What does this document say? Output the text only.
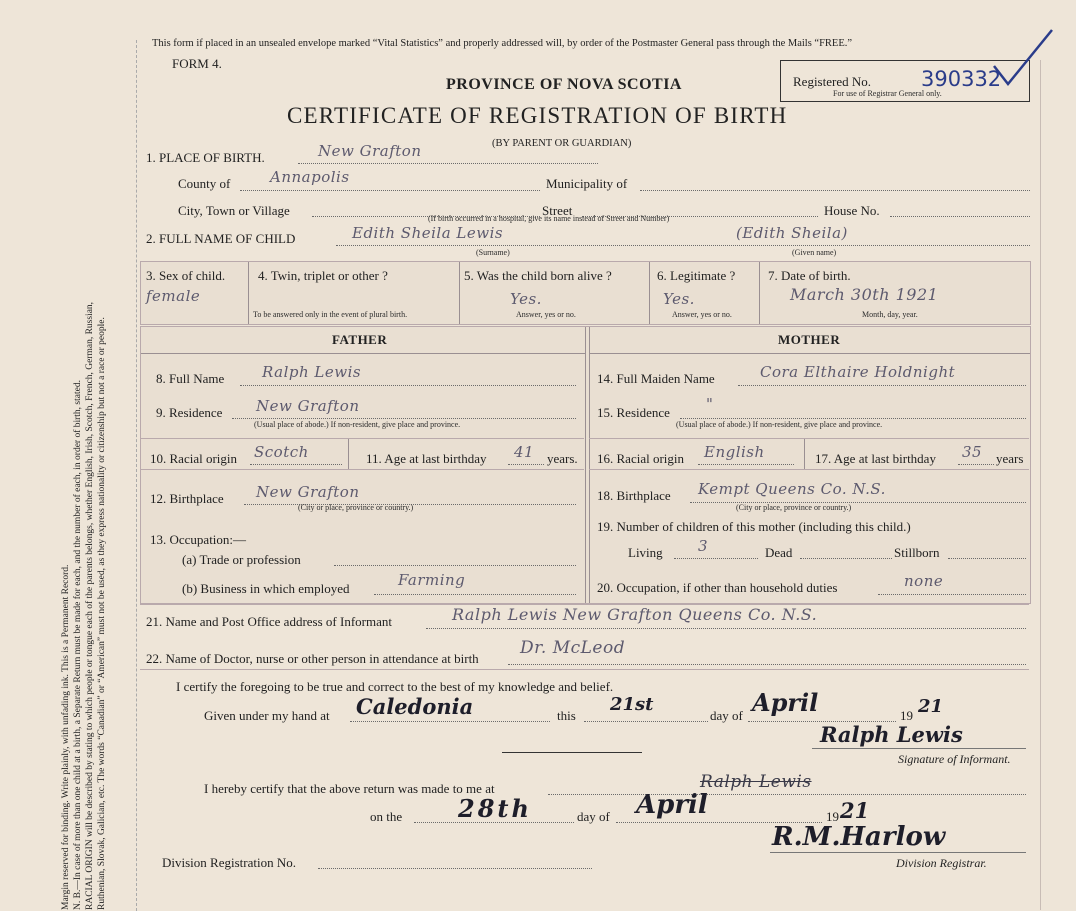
Margin reserved for binding. Write plainly, with unfading ink. This is a Permanent Record. N. B.—In case of more than one child at a birth, a Separate Return must be made for each, and the number of each, in order of birth, stated. RACIAL ORIGIN will be described by stating to which people or tongue each of the parents belongs, whether English, Irish, Scotch, French, German, Russian, Ruthenian, Slovak, Galician, etc. The words “Canadian” or “American” must not be used, as they express nationality or citizenship but not a race or people.
This form if placed in an unsealed envelope marked “Vital Statistics” and properly addressed will, by order of the Postmaster General pass through the Mails “FREE.”
FORM 4.
Registered No. 390332
For use of Registrar General only.
PROVINCE OF NOVA SCOTIA
CERTIFICATE OF REGISTRATION OF BIRTH
(BY PARENT OR GUARDIAN)
1. PLACE OF BIRTH.	New Grafton
County of	Annapolis	Municipality of
City, Town or Village	Street	House No.
(If birth occurred in a hospital, give its name instead of Street and Number)
2. FULL NAME OF CHILD	Edith Sheila Lewis	(Edith Sheila)
(Surname)	(Given name)
3. Sex of child.
female
4. Twin, triplet or other ?
To be answered only in the event of plural birth.
5. Was the child born alive ?
Yes.
Answer, yes or no.
6. Legitimate ?
Yes.
Answer, yes or no.
7. Date of birth.
March 30th 1921
Month, day, year.
FATHER	MOTHER
8. Full Name	Ralph Lewis
9. Residence New Grafton
(Usual place of abode.) If non-resident, give place and province.
10. Racial origin Scotch	11. Age at last birthday 41 years.
12. Birthplace New Grafton
(City or place, province or country.)
13. Occupation:—
(a) Trade or profession
(b) Business in which employed	Farming
14. Full Maiden Name	Cora Elthaire Holdnight
15. Residence "
(Usual place of abode.) If non-resident, give place and province.
16. Racial origin English	17. Age at last birthday 35 years
18. Birthplace Kempt Queens Co. N.S.
(City or place, province or country.)
19. Number of children of this mother (including this child.)
Living 3	Dead	Stillborn
20. Occupation, if other than household duties	none
21. Name and Post Office address of Informant	Ralph Lewis New Grafton Queens Co. N.S.
22. Name of Doctor, nurse or other person in attendance at birth
Dr. McLeod
I certify the foregoing to be true and correct to the best of my knowledge and belief.
Given under my hand at Caledonia	this
21st
day of April	19 21
Ralph Lewis
Signature of Informant.
I hereby certify that the above return was made to me at	Ralph Lewis
on the 28th	day of April	19 21
Division Registration No.
R.M.Harlow
Division Registrar.
